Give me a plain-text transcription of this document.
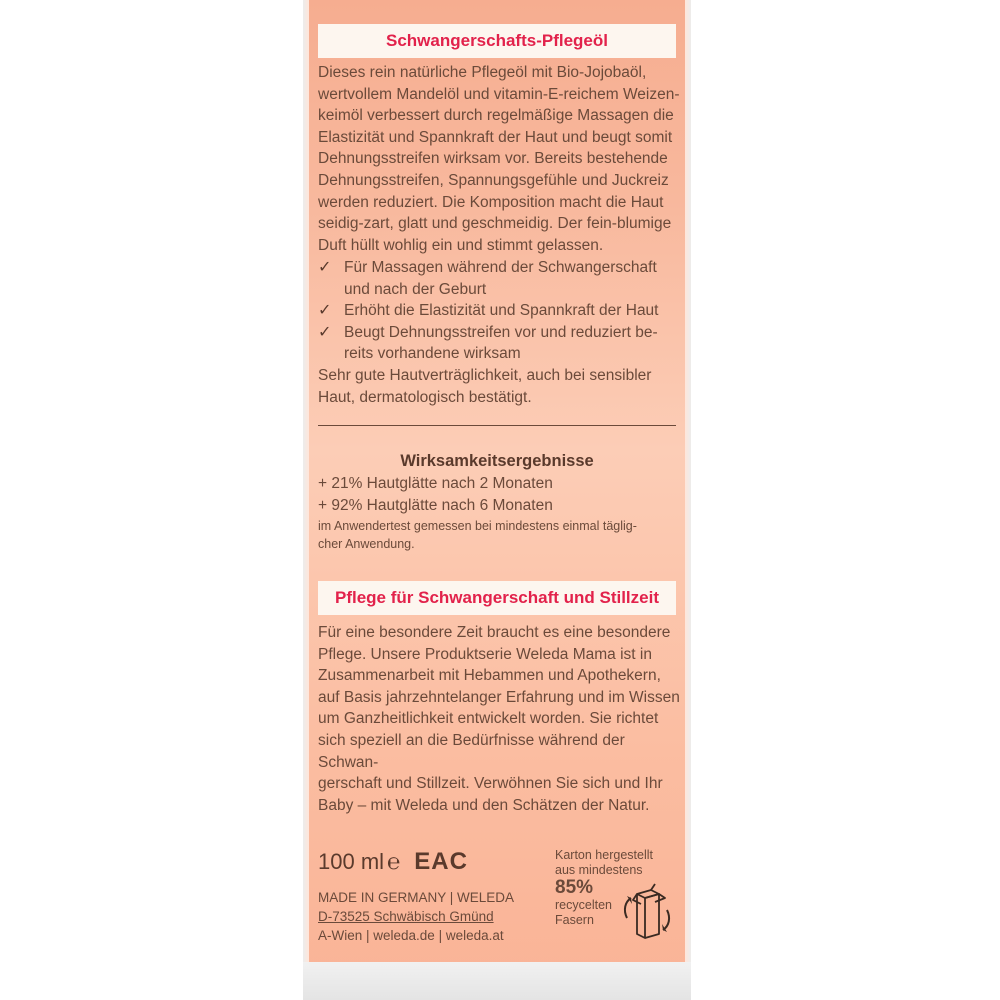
Schwangerschafts-Pflegeöl
Dieses rein natürliche Pflegeöl mit Bio-Jojobaöl,
wertvollem Mandelöl und vitamin-E-reichem Weizen-
keimöl verbessert durch regelmäßige Massagen die
Elastizität und Spannkraft der Haut und beugt somit
Dehnungsstreifen wirksam vor. Bereits bestehende
Dehnungsstreifen, Spannungsgefühle und Juckreiz
werden reduziert. Die Komposition macht die Haut
seidig-zart, glatt und geschmeidig. Der fein-blumige
Duft hüllt wohlig ein und stimmt gelassen.
✓ Für Massagen während der Schwangerschaft
und nach der Geburt
✓ Erhöht die Elastizität und Spannkraft der Haut
✓ Beugt Dehnungsstreifen vor und reduziert be-
reits vorhandene wirksam
Sehr gute Hautverträglichkeit, auch bei sensibler
Haut, dermatologisch bestätigt.
Wirksamkeitsergebnisse
+ 21% Hautglätte nach 2 Monaten
+ 92% Hautglätte nach 6 Monaten
im Anwendertest gemessen bei mindestens einmal täglig-
cher Anwendung.
Pflege für Schwangerschaft und Stillzeit
Für eine besondere Zeit braucht es eine besondere
Pflege. Unsere Produktserie Weleda Mama ist in
Zusammenarbeit mit Hebammen und Apothekern,
auf Basis jahrzehntelanger Erfahrung und im Wissen
um Ganzheitlichkeit entwickelt worden. Sie richtet
sich speziell an die Bedürfnisse während der Schwan-
gerschaft und Stillzeit. Verwöhnen Sie sich und Ihr
Baby – mit Weleda und den Schätzen der Natur.
100 ml ℮ EAC
MADE IN GERMANY | WELEDA
D-73525 Schwäbisch Gmünd
A-Wien | weleda.de | weleda.at
Karton hergestellt
aus mindestens
85%
recycelten
Fasern
